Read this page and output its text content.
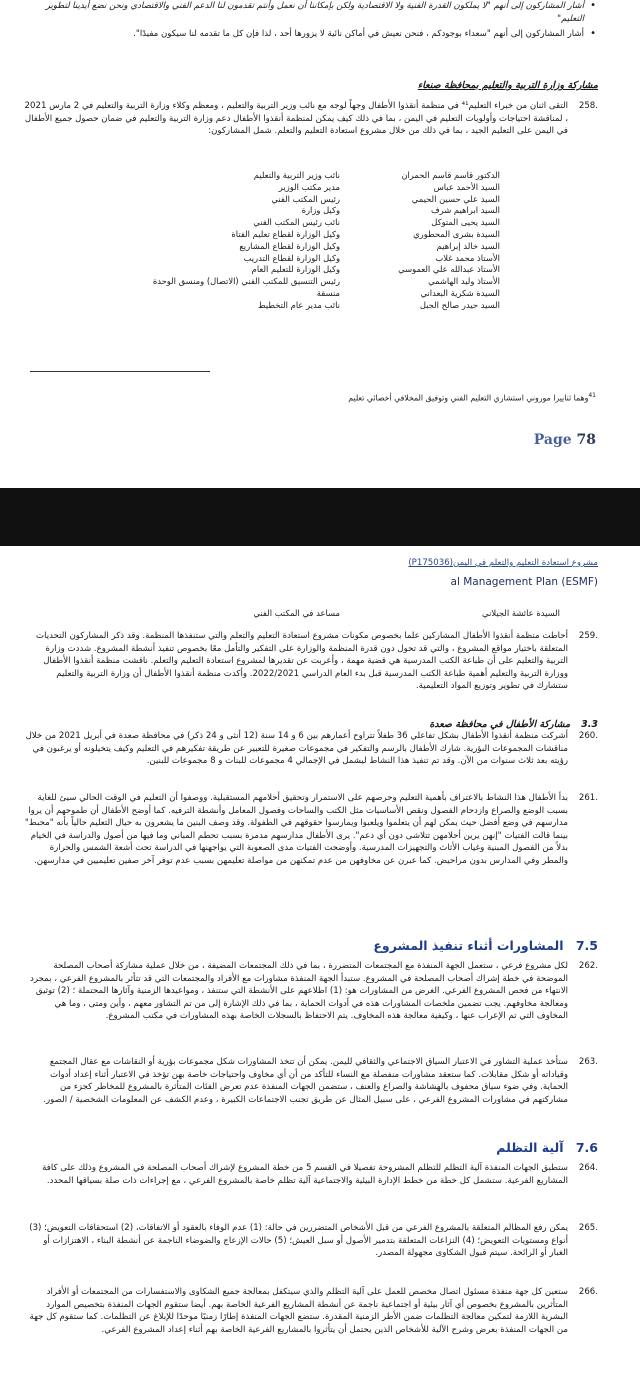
• أشار المشاركون إلى أنهم "لا يملكون القدرة الفنية ولا الاقتصادية ولكن بإمكاننا أن نعمل وأنتم تقدمون لنا الدعم الفني والاقتصادي ونحن نضع أيدينا لتطوير التعليم"
• أشار المشاركون إلى أنهم "سعداء بوجودكم ، فنحن نعيش في أماكن نائية لا يزورها أحد ، لذا فإن كل ما تقدمه لنا سيكون مفيدًا".
مشاركة وزارة التربية والتعليم بمحافظة صنعاء
258.
التقى اثنان من خبراء التعليم⁴¹ في منظمة أنقذوا الأطفال وجهاً لوجه مع نائب وزير التربية والتعليم ، ومعظم وكلاء وزارة التربية والتعليم في 2 مارس 2021 ، لمناقشة احتياجات وأولويات التعليم في اليمن ، بما في ذلك كيف يمكن لمنظمة أنقذوا الأطفال دعم وزارة التربية والتعليم في ضمان حصول جميع الأطفال في اليمن على التعليم الجيد ، بما في ذلك من خلال مشروع استعادة التعليم والتعلم. شمل المشاركون:
الدكتور قاسم قاسم الحمران
السيد الأحمد عباس
السيد علي حسين الحيمي
السيد ابراهيم شرف
السيد يحيى المتوكل
السيدة بشرى المحطوري
السيد خالد إبراهيم
الأستاذ محمد غلاب
الأستاذ عبدالله علي العموسي
الأستاذ وليد الهاشمي
السيدة شكرية البعداني
السيد حيدر صالح الجبل
نائب وزير التربية والتعليم
مدير مكتب الوزير
رئيس المكتب الفني
وكيل وزارة
نائب رئيس المكتب الفني
وكيل الوزارة لقطاع تعليم الفتاة
وكيل الوزارة لقطاع المشاريع
وكيل الوزارة لقطاع التدريب
وكيل الوزارة للتعليم العام
رئيس التنسيق للمكتب الفني (الاتصال) ومنسق الوحدة
منسقة
نائب مدير عام التخطيط
$^{41}$وهما ثناييرا موروني استشاري التعليم الفني وتوفيق المخلافي أخصائي تعليم
Page 78
مشروع استعادة التعليم والتعلم في اليمن(P175036)
al Management Plan (ESMF)
السيدة عائشة الجيلاني
مساعد في المكتب الفني
259.
أحاطت منظمة أنقذوا الأطفال المشاركين علما بخصوص مكونات مشروع استعادة التعليم والتعلم والتي ستنفذها المنظمة. وقد ذكر المشاركون التحديات المتعلقة باختيار مواقع المشروع ، والتي قد تحول دون قدرة المنظمة والوزارة على التفكير والتأمل معًا بخصوص تنفيذ أنشطة المشروع. شددت وزارة التربية والتعليم على أن طباعة الكتب المدرسية هي قضية مهمة ، وأعربت عن تقديرها لمشروع استعادة التعليم والتعلم. ناقشت منظمة أنقذوا الأطفال ووزارة التربية والتعليم أهمية طباعة الكتب المدرسية قبل بدء العام الدراسي 2022/2021. وأكدت منظمة أنقذوا الأطفال أن وزارة التربية والتعليم ستشارك في تطوير وتوزيع المواد التعليمية.
3.3 مشاركة الأطفال في محافظة صعدة
260.
أشركت منظمة أنقذوا الأطفال بشكل تفاعلي 36 طفلاً تتراوح أعمارهم بين 6 و 14 سنة (12 أنثى و 24 ذكر) في محافظة صعدة في أبريل 2021 من خلال مناقشات المجموعات البؤرية. شارك الأطفال بالرسم والتفكير في مجموعات صغيرة للتعبير عن طريقة تفكيرهم في التعليم وكيف يتخيلونه أو يرغبون في رؤيته بعد ثلاث سنوات من الآن. وقد تم تنفيذ هذا النشاط ليشمل في الإجمالي 4 مجموعات للبنات و 8 مجموعات للبنين.
261.
بدأ الأطفال هذا النشاط بالاعتراف بأهمية التعليم وحرصهم على الاستمرار وتحقيق أحلامهم المستقبلية. ووصفوا أن التعليم في الوقت الحالي سيئ للغاية بسبب الوضع والصراع وازدحام الفصول ونقص الأساسيات مثل الكتب والساحات وفصول المعامل وأنشطة الترفيه. كما أوضح الأطفال أن طموحهم أن يروا مدارسهم في وضع أفضل حيث يمكن لهم أن يتعلموا ويلعبوا ويمارسوا حقوقهم في الطفولة. وقد وصف البنين ما يشعرون به حيال التعليم حالياً بأنه "محبط" بينما قالت الفتيات "إنهن يرين أحلامهن تتلاشى دون أي دعم". يرى الأطفال مدارسهم مدمرة بسبب تحطم المباني وما فيها من أصول والدراسة في الخيام بدلاً من الفصول المبنية وغياب الأثاث والتجهيزات المدرسية. وأوضحت الفتيات مدى الصعوبة التي يواجهنها في الدراسة تحت أشعة الشمس والحرارة والمطر وفي المدارس بدون مراحيض. كما عبرن عن مخاوفهن من عدم تمكنهن من مواصلة تعليمهن بسبب عدم توفر آخر صفين تعليميين في مدارسهن.
7.5 المشاورات أثناء تنفيذ المشروع
262.
لكل مشروع فرعي ، ستعمل الجهة المنفذة مع المجتمعات المتضررة ، بما في ذلك المجتمعات المضيفة ، من خلال عملية مشاركة أصحاب المصلحة الموضحة في خطة إشراك أصحاب المصلحة في المشروع. ستبدأ الجهة المنفذة مشاورات مع الأفراد والمجتمعات التي قد تتأثر بالمشروع الفرعي ، بمجرد الانتهاء من فحص المشروع الفرعي. الغرض من المشاورات هو: (1) اطلاعهم على الأنشطة التي ستنفذ ، ومواعيدها الزمنية وآثارها المحتملة ؛ (2) توثيق ومعالجة مخاوفهم. يجب تضمين ملخصات المشاورات هذه في أدوات الحماية ، بما في ذلك الإشارة إلى من تم التشاور معهم ، وأين ومتى ، وما هي المخاوف التي تم الإعراب عنها ، وكيفية معالجة هذه المخاوف. يتم الاحتفاظ بالسجلات الخاصة بهذه المشاورات في مكتب المشروع.
263.
ستأخذ عملية التشاور في الاعتبار السياق الاجتماعي والثقافي لليمن. يمكن أن تتخذ المشاورات شكل مجموعات بؤرية أو النقاشات مع عقال المجتمع وقياداته أو شكل مقابلات. كما ستعقد مشاورات منفصلة مع النساء للتأكد من أن أي مخاوف واحتياجات خاصة بهن تؤخذ في الاعتبار أثناء إعداد أدوات الحماية. وفي ضوء سياق محفوف بالهشاشة والصراع والعنف ، ستضمن الجهات المنفذة عدم تعرض الفئات المتأثرة بالمشروع للمخاطر كجزء من مشاركتهم في مشاورات المشروع الفرعي ، على سبيل المثال عن طريق تجنب الاجتماعات الكبيرة ، وعدم الكشف عن المعلومات الشخصية / الصور.
7.6 آلية التظلم
264.
ستطبق الجهات المنفذة آلية التظلم للتظلم المشروحة تفصيلا في القسم 5 من خطة المشروع لإشراك أصحاب المصلحة في المشروع وذلك على كافة المشاريع الفرعية. ستشمل كل خطة من خطط الإدارة البيئية والاجتماعية آلية تظلم خاصة بالمشروع الفرعي ، مع إجراءات ذات صلة بسياقها المحدد.
265.
يمكن رفع المظالم المتعلقة بالمشروع الفرعي من قبل الأشخاص المتضررين في حالة: (1) عدم الوفاء بالعقود أو الاتفاقات، (2) استحقاقات التعويض؛ (3) أنواع ومستويات التعويض؛ (4) النزاعات المتعلقة بتدمير الأصول أو سبل العيش؛ (5) حالات الإزعاج والضوضاء الناجمة عن أنشطة البناء ، الاهتزازات أو الغبار أو الرائحة. سيتم قبول الشكاوى مجهولة المصدر.
266.
ستعين كل جهة منفذة مسئول اتصال مخصص للعمل على آلية التظلم والذي سيتكفل بمعالجة جميع الشكاوى والاستفسارات من المجتمعات أو الأفراد المتأثرين بالمشروع بخصوص أي آثار بيئية أو اجتماعية ناجمة عن أنشطة المشاريع الفرعية الخاصة بهم. أيضا ستقوم الجهات المنفذة بتخصيص الموارد البشرية اللازمة لتمكين معالجة التظلمات ضمن الأطر الزمنية المقدرة. ستضع الجهات المنفذة إطارًا زمنيًا موحدًا للإبلاغ عن التظلمات. كما ستقوم كل جهة من الجهات المنفذة بعرض وشرح الآلية للأشخاص الذين يحتمل أن يتأثروا بالمشاريع الفرعية الخاصة بهم أثناء إعداد المشروع الفرعي.
